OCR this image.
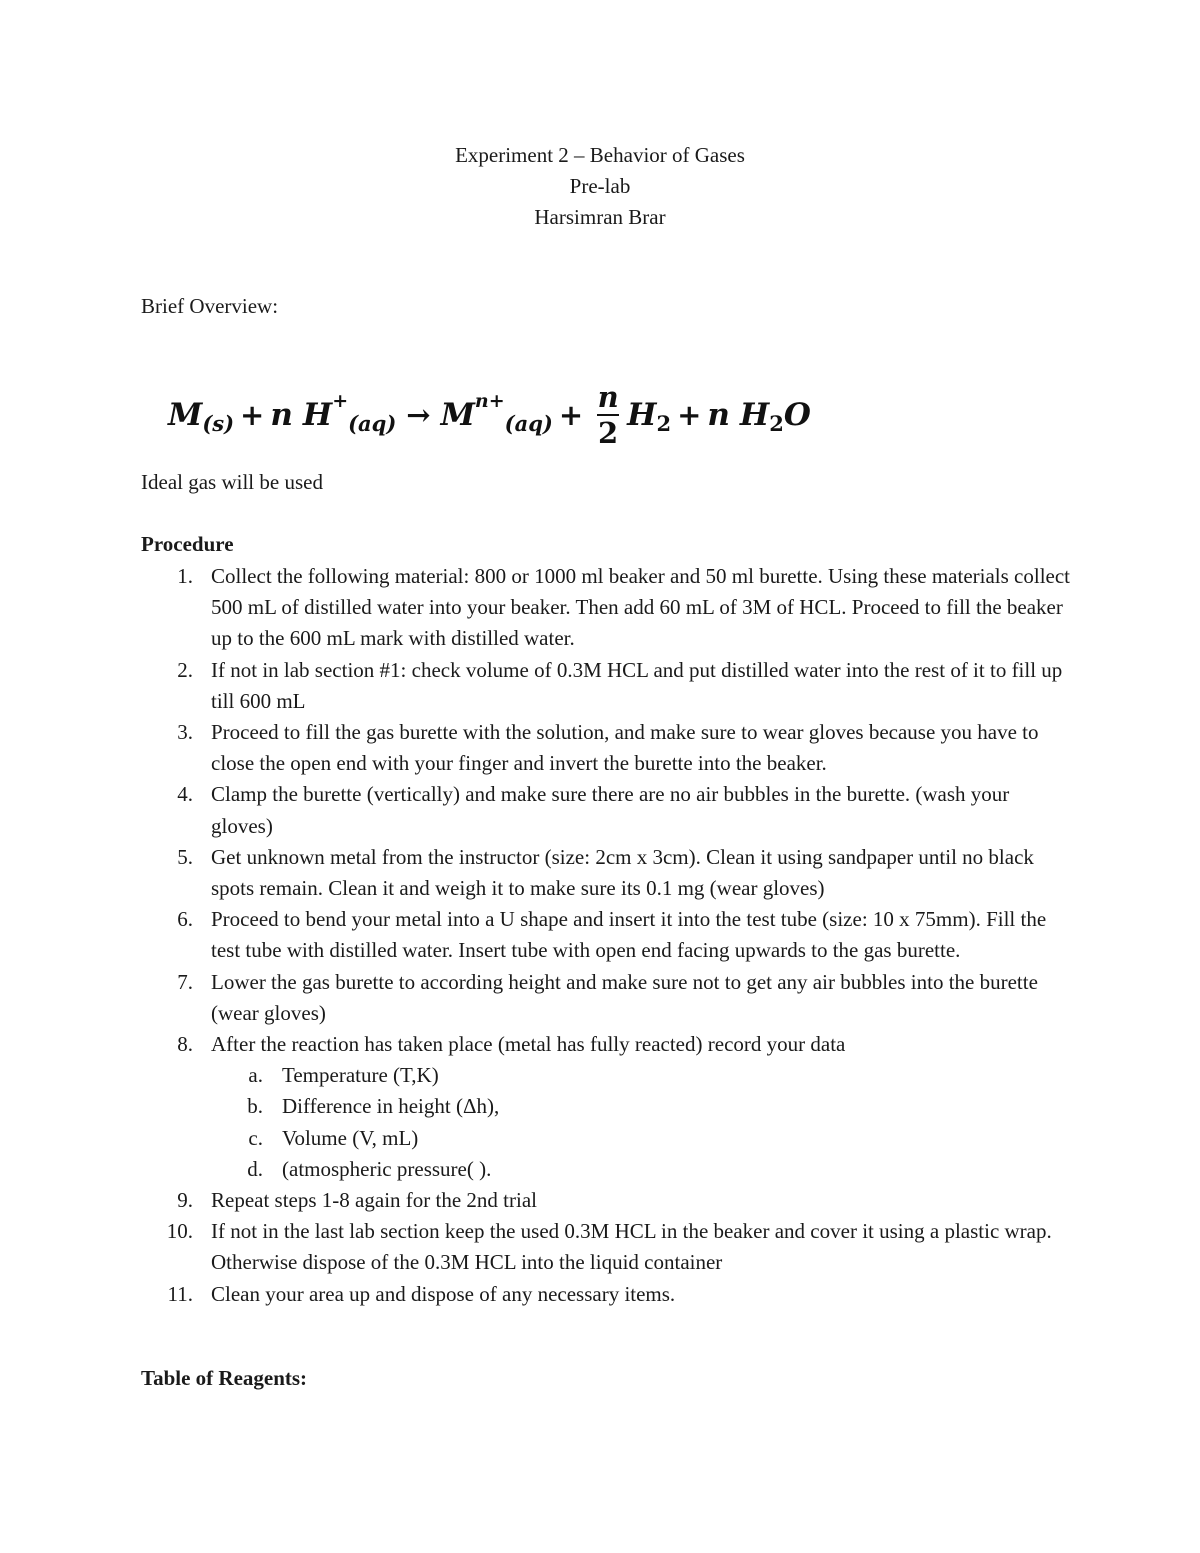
Experiment 2 – Behavior of Gases
Pre-lab
Harsimran Brar
Brief Overview:
M (s) + n H +
(aq) → M n+
$(aq) + \frac{n}{2}$ H 2 + n H 2 O
Ideal gas will be used
Procedure
1. Collect the following material: 800 or 1000 ml beaker and 50 ml burette. Using these materials collect 500 mL of distilled water into your beaker. Then add 60 mL of 3M of HCL. Proceed to fill the beaker up to the 600 mL mark with distilled water.
2. If not in lab section #1: check volume of 0.3M HCL and put distilled water into the rest of it to fill up till 600 mL
3. Proceed to fill the gas burette with the solution, and make sure to wear gloves because you have to close the open end with your finger and invert the burette into the beaker.
4. Clamp the burette (vertically) and make sure there are no air bubbles in the burette. (wash your gloves)
5. Get unknown metal from the instructor (size: 2cm x 3cm). Clean it using sandpaper until no black spots remain. Clean it and weigh it to make sure its 0.1 mg (wear gloves)
6. Proceed to bend your metal into a U shape and insert it into the test tube (size: 10 x 75mm). Fill the test tube with distilled water. Insert tube with open end facing upwards to the gas burette.
7. Lower the gas burette to according height and make sure not to get any air bubbles into the burette (wear gloves)
8. After the reaction has taken place (metal has fully reacted) record your data
a. Temperature (T,K)
b. Difference in height (Δh),
c. Volume (V, mL)
d. (atmospheric pressure( ).
9. Repeat steps 1-8 again for the 2nd trial
10. If not in the last lab section keep the used 0.3M HCL in the beaker and cover it using a plastic wrap. Otherwise dispose of the 0.3M HCL into the liquid container
11. Clean your area up and dispose of any necessary items.
Table of Reagents:
